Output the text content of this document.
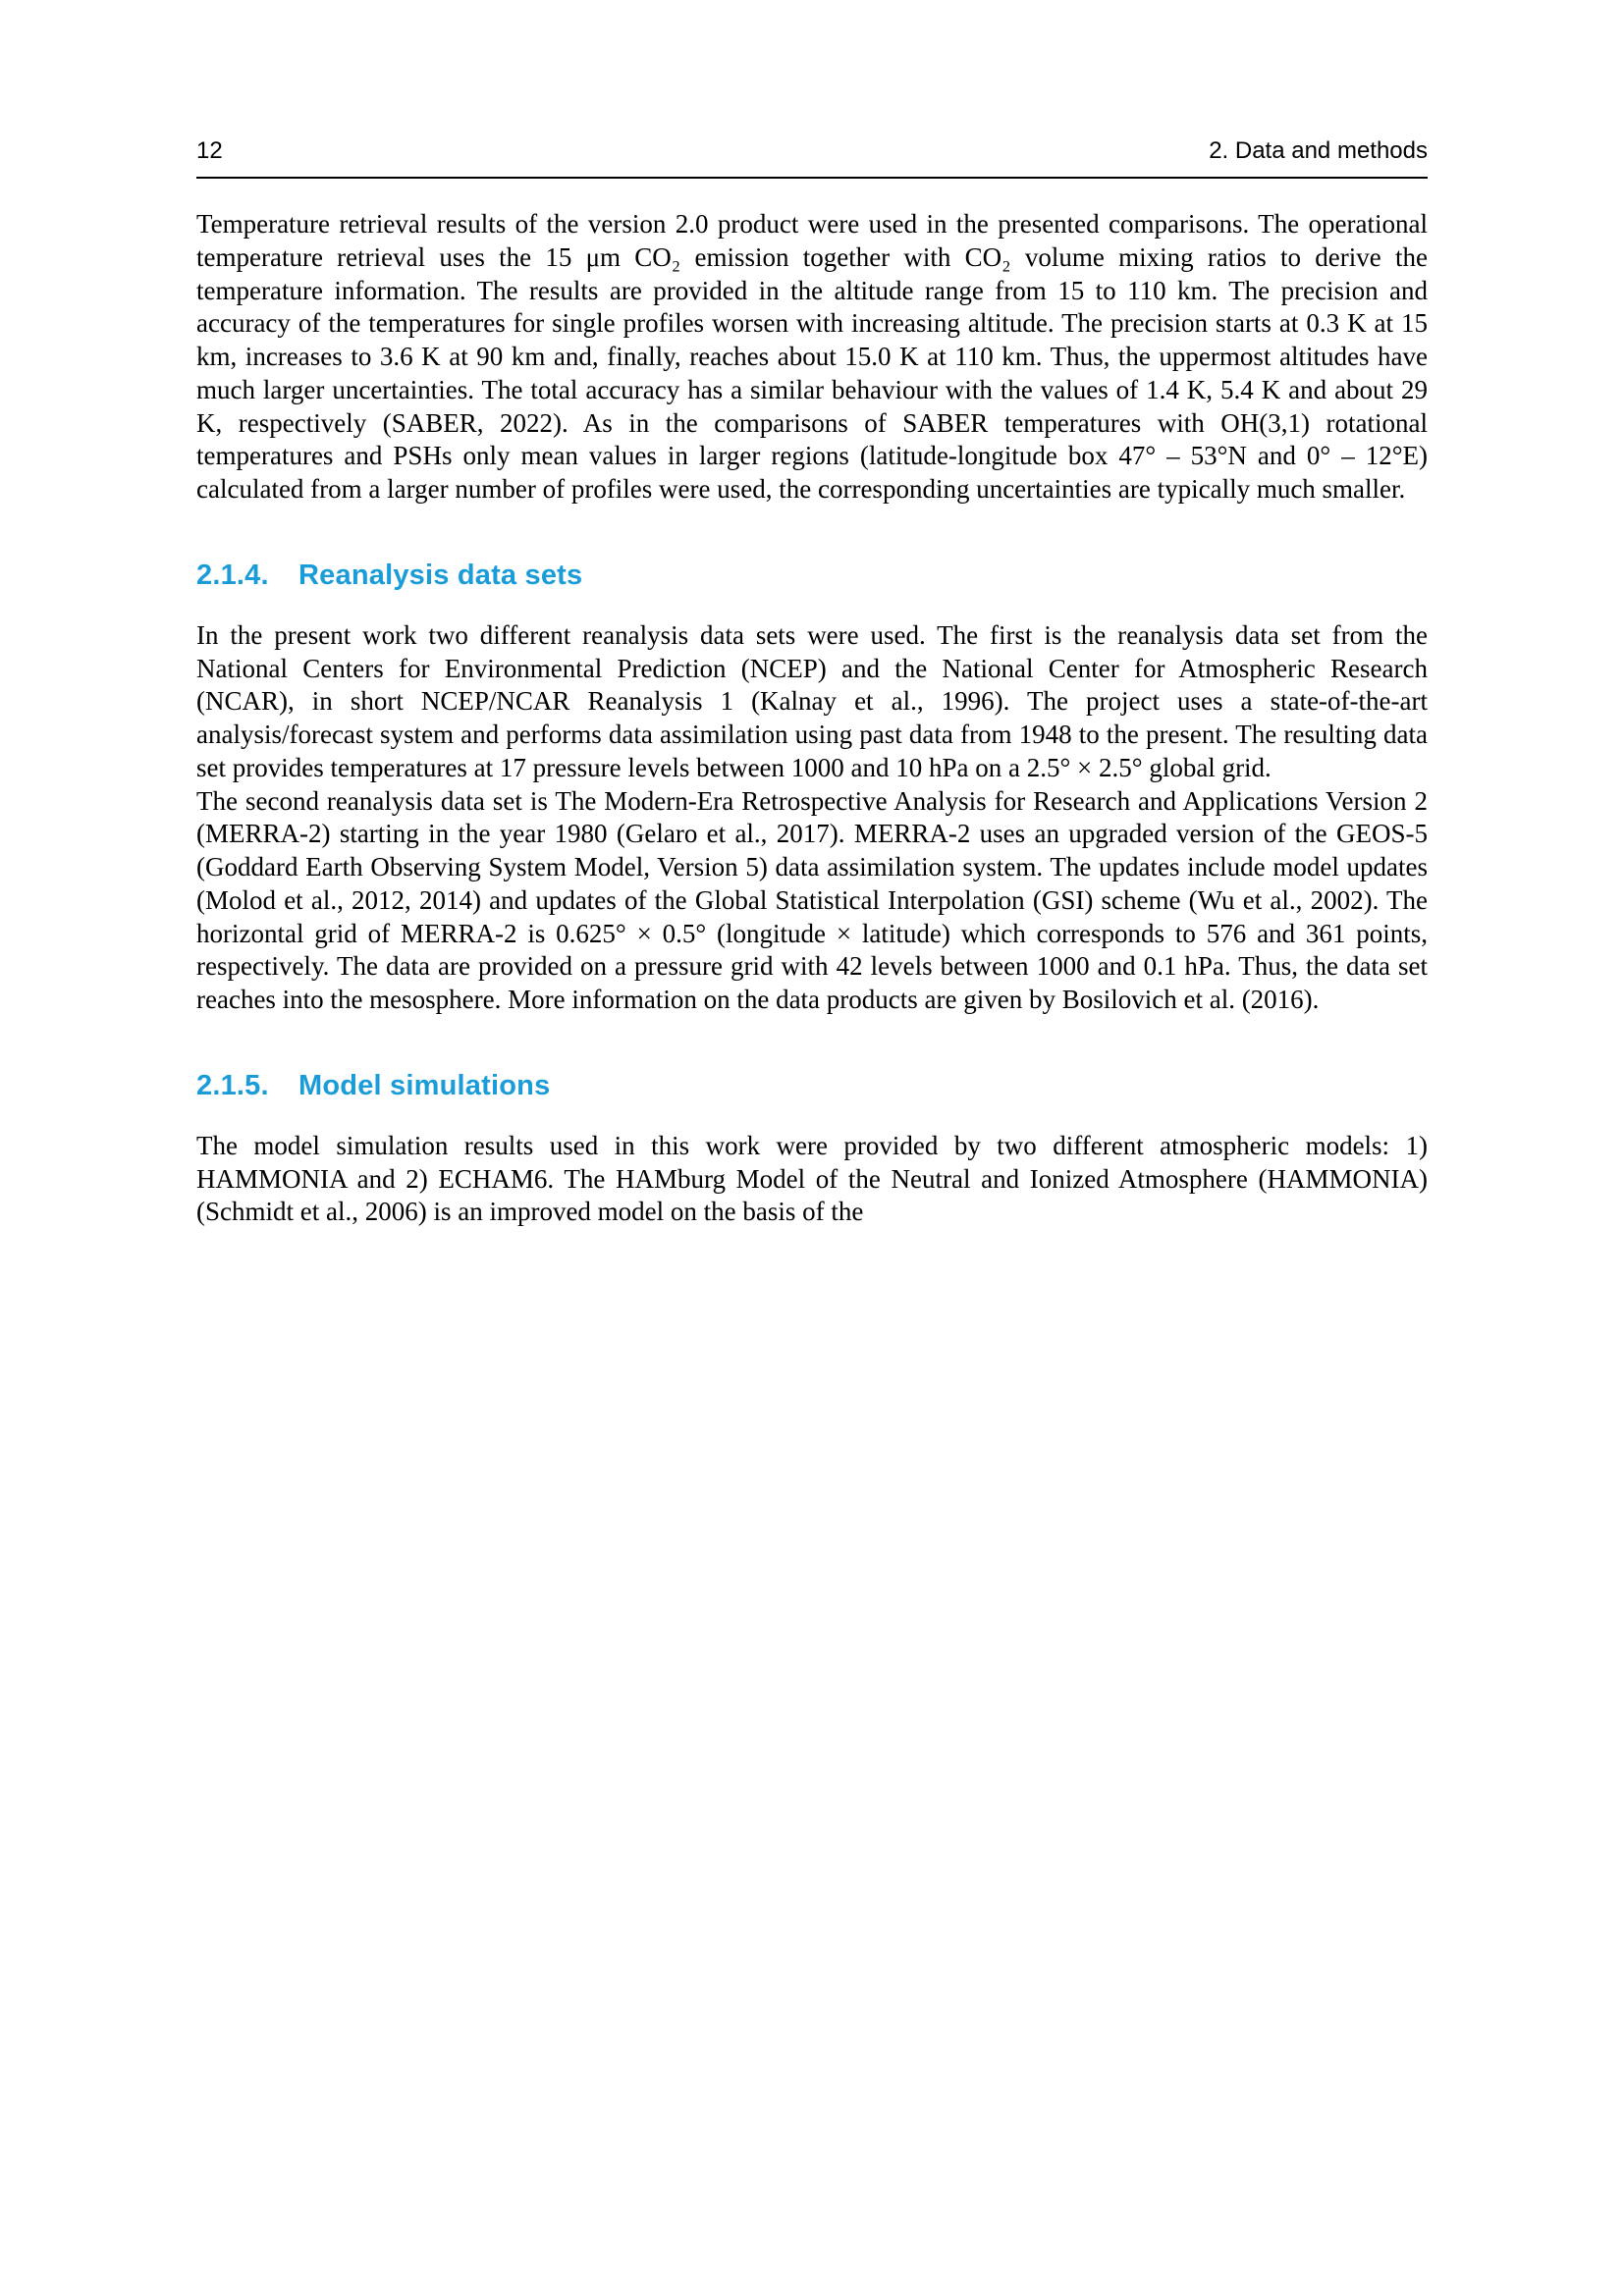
12	2. Data and methods

Temperature retrieval results of the version 2.0 product were used in the presented comparisons. The operational temperature retrieval uses the 15 μm CO₂ emission together with CO₂ volume mixing ratios to derive the temperature information. The results are provided in the altitude range from 15 to 110 km. The precision and accuracy of the temperatures for single profiles worsen with increasing altitude. The precision starts at 0.3 K at 15 km, increases to 3.6 K at 90 km and, finally, reaches about 15.0 K at 110 km. Thus, the uppermost altitudes have much larger uncertainties. The total accuracy has a similar behaviour with the values of 1.4 K, 5.4 K and about 29 K, respectively (SABER, 2022). As in the comparisons of SABER temperatures with OH(3,1) rotational temperatures and PSHs only mean values in larger regions (latitude-longitude box 47° – 53°N and 0° – 12°E) calculated from a larger number of profiles were used, the corresponding uncertainties are typically much smaller.

2.1.4. Reanalysis data sets

In the present work two different reanalysis data sets were used. The first is the reanalysis data set from the National Centers for Environmental Prediction (NCEP) and the National Center for Atmospheric Research (NCAR), in short NCEP/NCAR Reanalysis 1 (Kalnay et al., 1996). The project uses a state-of-the-art analysis/forecast system and performs data assimilation using past data from 1948 to the present. The resulting data set provides temperatures at 17 pressure levels between 1000 and 10 hPa on a 2.5° × 2.5° global grid.

The second reanalysis data set is The Modern-Era Retrospective Analysis for Research and Applications Version 2 (MERRA-2) starting in the year 1980 (Gelaro et al., 2017). MERRA-2 uses an upgraded version of the GEOS-5 (Goddard Earth Observing System Model, Version 5) data assimilation system. The updates include model updates (Molod et al., 2012, 2014) and updates of the Global Statistical Interpolation (GSI) scheme (Wu et al., 2002). The horizontal grid of MERRA-2 is 0.625° × 0.5° (longitude × latitude) which corresponds to 576 and 361 points, respectively. The data are provided on a pressure grid with 42 levels between 1000 and 0.1 hPa. Thus, the data set reaches into the mesosphere. More information on the data products are given by Bosilovich et al. (2016).

2.1.5. Model simulations

The model simulation results used in this work were provided by two different atmospheric models: 1) HAMMONIA and 2) ECHAM6. The HAMburg Model of the Neutral and Ionized Atmosphere (HAMMONIA) (Schmidt et al., 2006) is an improved model on the basis of the
